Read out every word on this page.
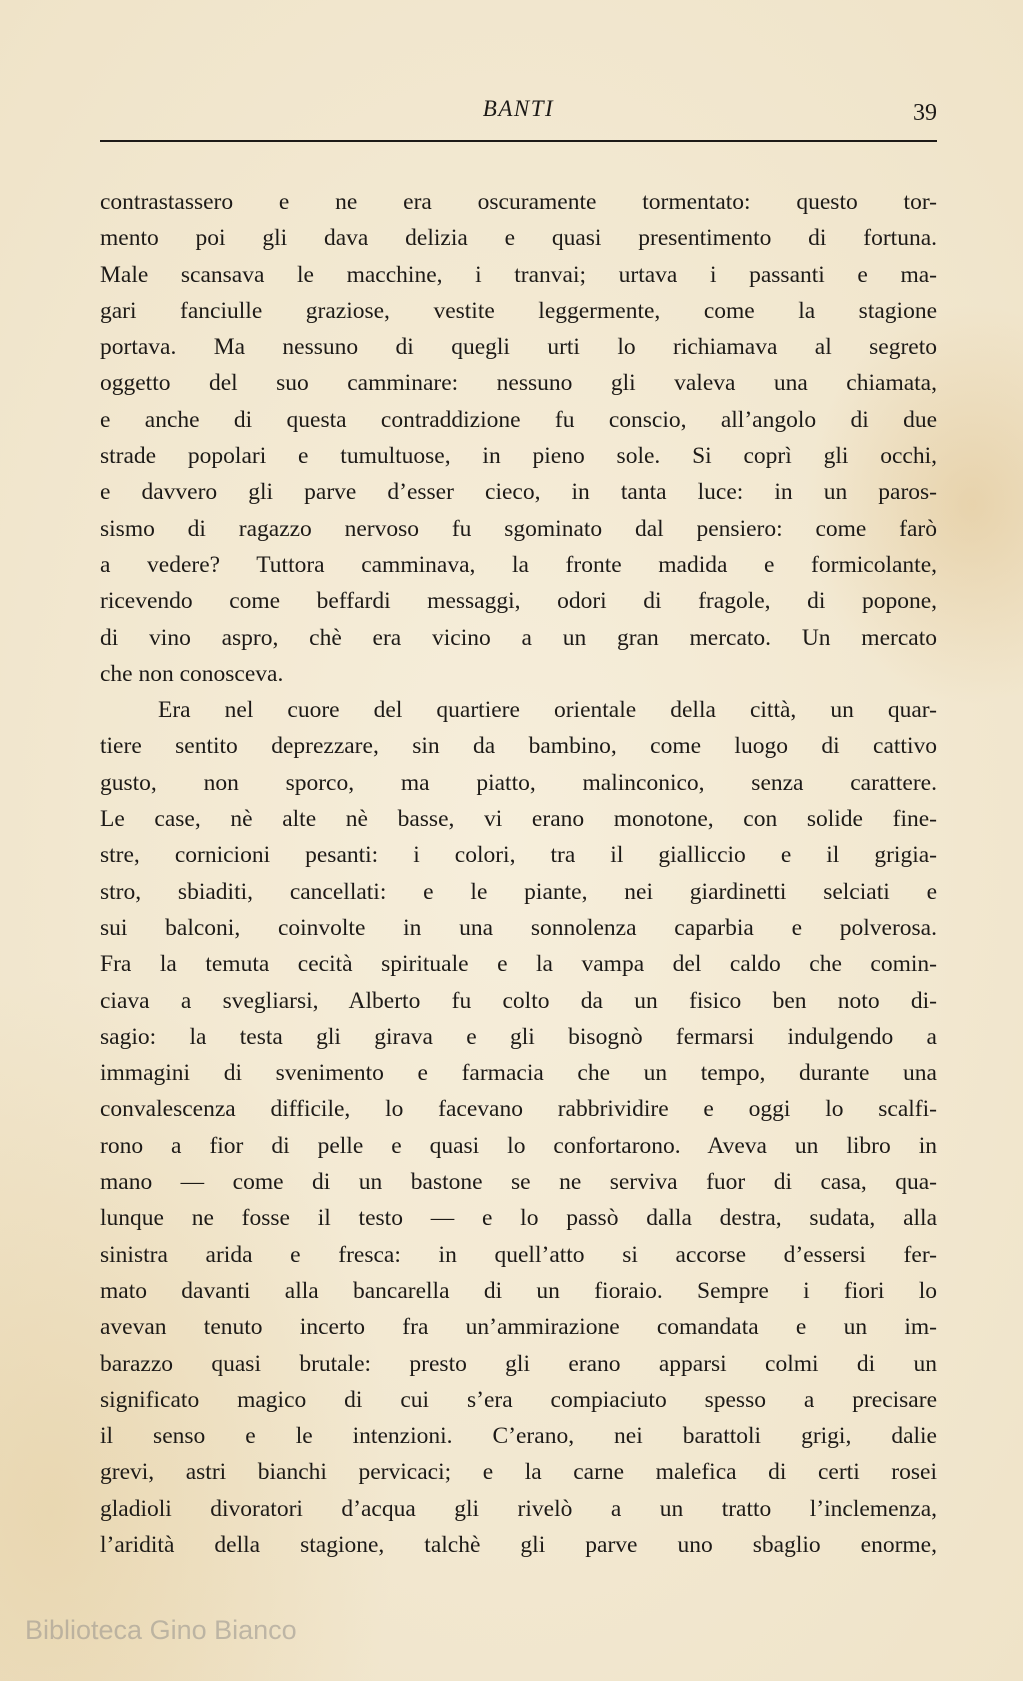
BANTI	39
contrastassero e ne era oscuramente tormentato: questo tor-
mento poi gli dava delizia e quasi presentimento di fortuna.
Male scansava le macchine, i tranvai; urtava i passanti e ma-
gari fanciulle graziose, vestite leggermente, come la stagione
portava. Ma nessuno di quegli urti lo richiamava al segreto
oggetto del suo camminare: nessuno gli valeva una chiamata,
e anche di questa contraddizione fu conscio, all’angolo di due
strade popolari e tumultuose, in pieno sole. Si coprì gli occhi,
e davvero gli parve d’esser cieco, in tanta luce: in un paros-
sismo di ragazzo nervoso fu sgominato dal pensiero: come farò
a vedere? Tuttora camminava, la fronte madida e formicolante,
ricevendo come beffardi messaggi, odori di fragole, di popone,
di vino aspro, chè era vicino a un gran mercato. Un mercato
che non conosceva.
Era nel cuore del quartiere orientale della città, un quar-
tiere sentito deprezzare, sin da bambino, come luogo di cattivo
gusto, non sporco, ma piatto, malinconico, senza carattere.
Le case, nè alte nè basse, vi erano monotone, con solide fine-
stre, cornicioni pesanti: i colori, tra il gialliccio e il grigia-
stro, sbiaditi, cancellati: e le piante, nei giardinetti selciati e
sui balconi, coinvolte in una sonnolenza caparbia e polverosa.
Fra la temuta cecità spirituale e la vampa del caldo che comin-
ciava a svegliarsi, Alberto fu colto da un fisico ben noto di-
sagio: la testa gli girava e gli bisognò fermarsi indulgendo a
immagini di svenimento e farmacia che un tempo, durante una
convalescenza difficile, lo facevano rabbrividire e oggi lo scalfi-
rono a fior di pelle e quasi lo confortarono. Aveva un libro in
mano — come di un bastone se ne serviva fuor di casa, qua-
lunque ne fosse il testo — e lo passò dalla destra, sudata, alla
sinistra arida e fresca: in quell’atto si accorse d’essersi fer-
mato davanti alla bancarella di un fioraio. Sempre i fiori lo
avevan tenuto incerto fra un’ammirazione comandata e un im-
barazzo quasi brutale: presto gli erano apparsi colmi di un
significato magico di cui s’era compiaciuto spesso a precisare
il senso e le intenzioni. C’erano, nei barattoli grigi, dalie
grevi, astri bianchi pervicaci; e la carne malefica di certi rosei
gladioli divoratori d’acqua gli rivelò a un tratto l’inclemenza,
l’aridità della stagione, talchè gli parve uno sbaglio enorme,
Biblioteca Gino Bianco
